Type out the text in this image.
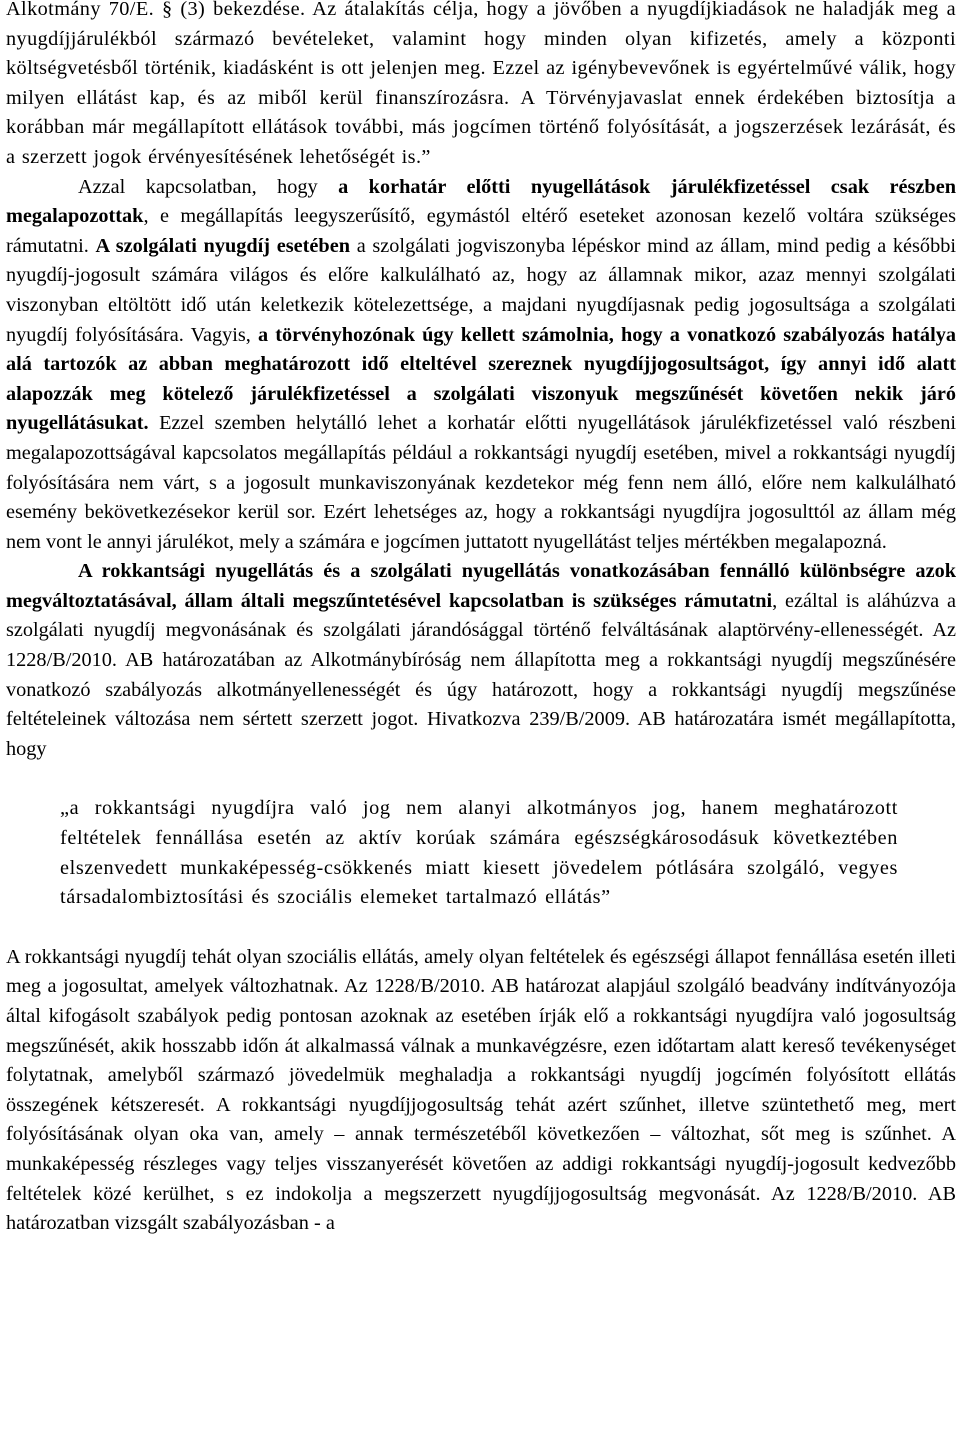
Alkotmány 70/E. § (3) bekezdése. Az átalakítás célja, hogy a jövőben a nyugdíjkiadások ne haladják meg a nyugdíjjárulékból származó bevételeket, valamint hogy minden olyan kifizetés, amely a központi költségvetésből történik, kiadásként is ott jelenjen meg. Ezzel az igénybevevőnek is egyértelművé válik, hogy milyen ellátást kap, és az miből kerül finanszírozásra. A Törvényjavaslat ennek érdekében biztosítja a korábban már megállapított ellátások további, más jogcímen történő folyósítását, a jogszerzések lezárását, és a szerzett jogok érvényesítésének lehetőségét is.”

Azzal kapcsolatban, hogy a korhatár előtti nyugellátások járulékfizetéssel csak részben megalapozottak, e megállapítás leegyszerűsítő, egymástól eltérő eseteket azonosan kezelő voltára szükséges rámutatni. A szolgálati nyugdíj esetében a szolgálati jogviszonyba lépéskor mind az állam, mind pedig a későbbi nyugdíj-jogosult számára világos és előre kalkulálható az, hogy az államnak mikor, azaz mennyi szolgálati viszonyban eltöltött idő után keletkezik kötelezettsége, a majdani nyugdíjasnak pedig jogosultsága a szolgálati nyugdíj folyósítására. Vagyis, a törvényhozónak úgy kellett számolnia, hogy a vonatkozó szabályozás hatálya alá tartozók az abban meghatározott idő elteltével szereznek nyugdíjjogosultságot, így annyi idő alatt alapozzák meg kötelező járulékfizetéssel a szolgálati viszonyuk megszűnését követően nekik járó nyugellátásukat. Ezzel szemben helytálló lehet a korhatár előtti nyugellátások járulékfizetéssel való részbeni megalapozottságával kapcsolatos megállapítás például a rokkantsági nyugdíj esetében, mivel a rokkantsági nyugdíj folyósítására nem várt, s a jogosult munkaviszonyának kezdetekor még fenn nem álló, előre nem kalkulálható esemény bekövetkezésekor kerül sor. Ezért lehetséges az, hogy a rokkantsági nyugdíjra jogosulttól az állam még nem vont le annyi járulékot, mely a számára e jogcímen juttatott nyugellátást teljes mértékben megalapozná.

A rokkantsági nyugellátás és a szolgálati nyugellátás vonatkozásában fennálló különbségre azok megváltoztatásával, állam általi megszűntetésével kapcsolatban is szükséges rámutatni, ezáltal is aláhúzva a szolgálati nyugdíj megvonásának és szolgálati járandósággal történő felváltásának alaptörvény-ellenességét. Az 1228/B/2010. AB határozatában az Alkotmánybíróság nem állapította meg a rokkantsági nyugdíj megszűnésére vonatkozó szabályozás alkotmányellenességét és úgy határozott, hogy a rokkantsági nyugdíj megszűnése feltételeinek változása nem sértett szerzett jogot. Hivatkozva 239/B/2009. AB határozatára ismét megállapította, hogy

„a rokkantsági nyugdíjra való jog nem alanyi alkotmányos jog, hanem meghatározott feltételek fennállása esetén az aktív korúak számára egészségkárosodásuk következtében elszenvedett munkaképesség-csökkenés miatt kiesett jövedelem pótlására szolgáló, vegyes társadalombiztosítási és szociális elemeket tartalmazó ellátás”

A rokkantsági nyugdíj tehát olyan szociális ellátás, amely olyan feltételek és egészségi állapot fennállása esetén illeti meg a jogosultat, amelyek változhatnak. Az 1228/B/2010. AB határozat alapjául szolgáló beadvány indítványozója által kifogásolt szabályok pedig pontosan azoknak az esetében írják elő a rokkantsági nyugdíjra való jogosultság megszűnését, akik hosszabb időn át alkalmassá válnak a munkavégzésre, ezen időtartam alatt kereső tevékenységet folytatnak, amelyből származó jövedelmük meghaladja a rokkantsági nyugdíj jogcímén folyósított ellátás összegének kétszeresét. A rokkantsági nyugdíjjogosultság tehát azért szűnhet, illetve szüntethető meg, mert folyósításának olyan oka van, amely – annak természetéből következően – változhat, sőt meg is szűnhet. A munkaképesség részleges vagy teljes visszanyerését követően az addigi rokkantsági nyugdíj-jogosult kedvezőbb feltételek közé kerülhet, s ez indokolja a megszerzett nyugdíjjogosultság megvonását. Az 1228/B/2010. AB határozatban vizsgált szabályozásban - a
